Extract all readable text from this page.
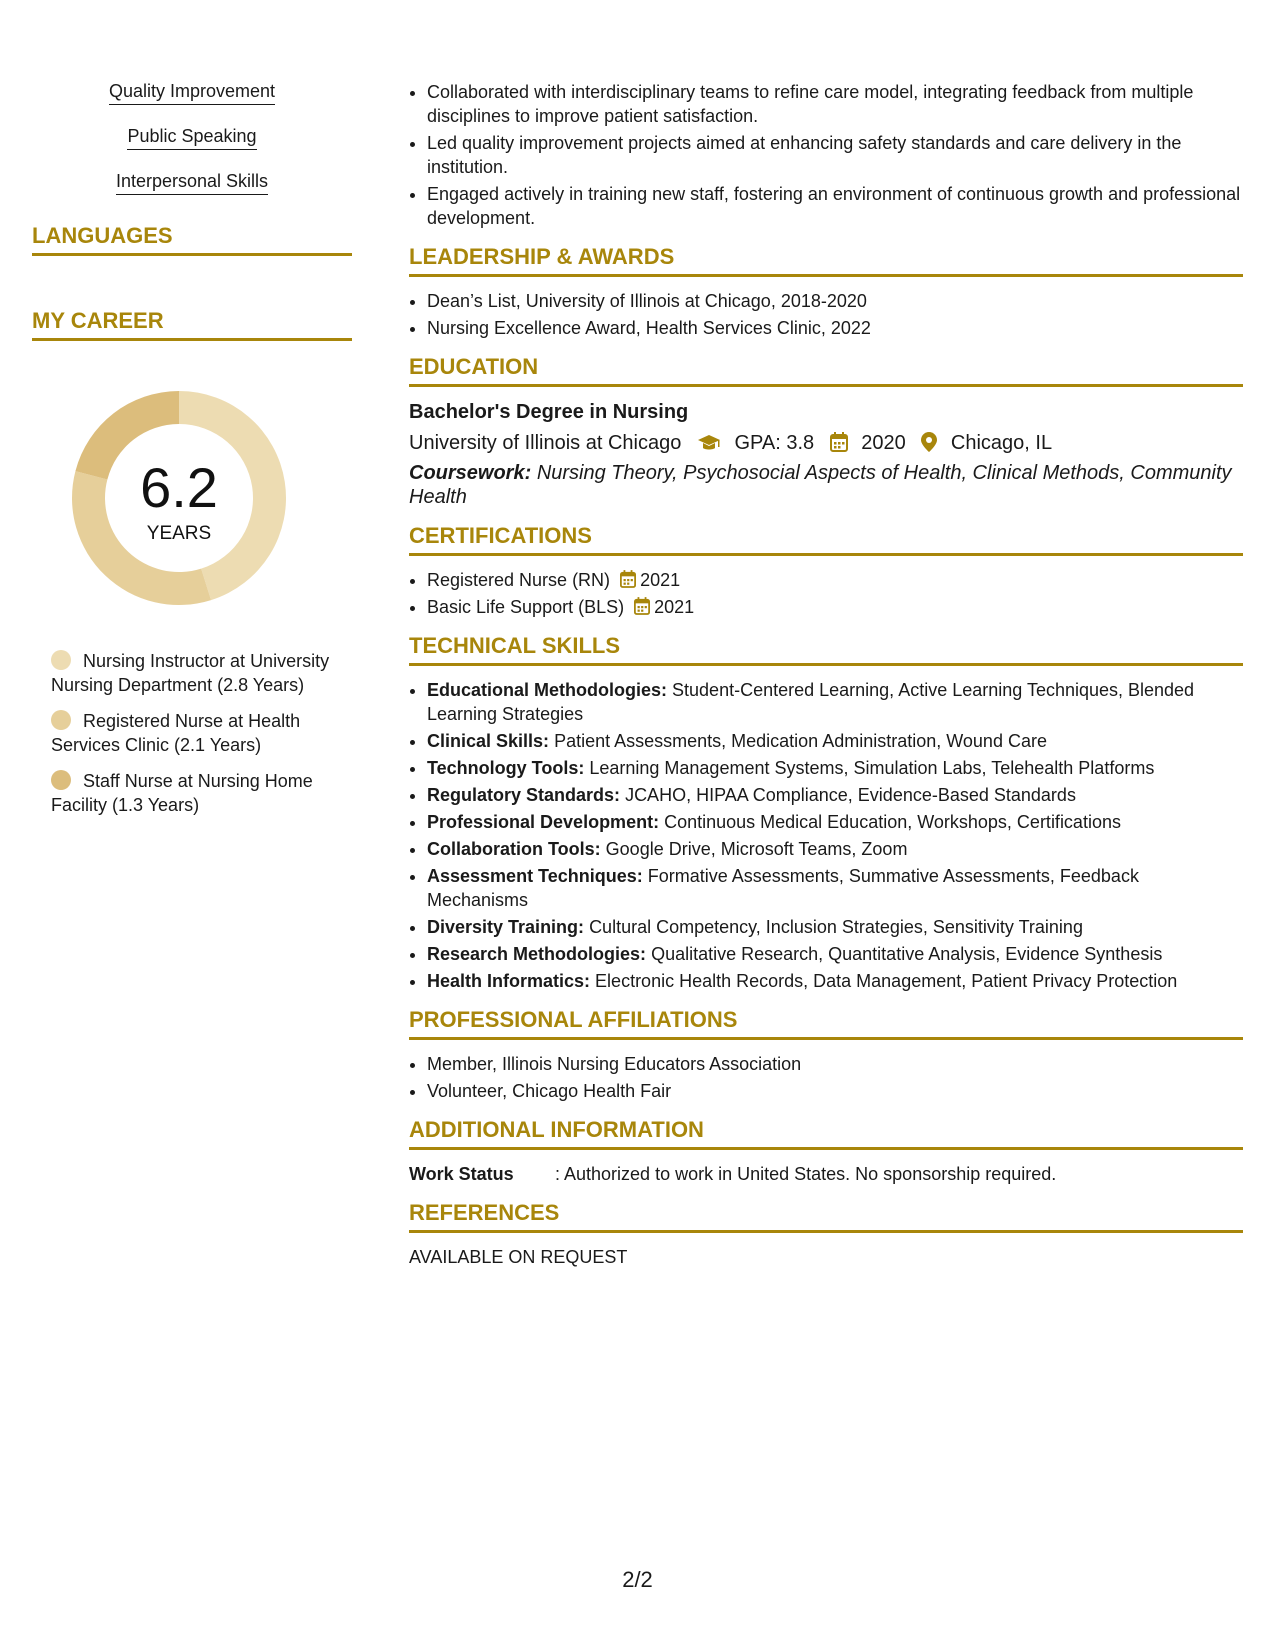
Quality Improvement
Public Speaking
Interpersonal Skills
LANGUAGES
MY CAREER
6.2
YEARS
Nursing Instructor at University Nursing Department (2.8 Years)
Registered Nurse at Health Services Clinic (2.1 Years)
Staff Nurse at Nursing Home Facility (1.3 Years)
• Collaborated with interdisciplinary teams to refine care model, integrating feedback from multiple disciplines to improve patient satisfaction.
• Led quality improvement projects aimed at enhancing safety standards and care delivery in the institution.
• Engaged actively in training new staff, fostering an environment of continuous growth and professional development.
LEADERSHIP & AWARDS
• Dean’s List, University of Illinois at Chicago, 2018-2020
• Nursing Excellence Award, Health Services Clinic, 2022
EDUCATION
Bachelor's Degree in Nursing
University of Illinois at Chicago	GPA: 3.8 2020 Chicago, IL
Coursework: Nursing Theory, Psychosocial Aspects of Health, Clinical Methods, Community Health
CERTIFICATIONS
• Registered Nurse (RN) 2021
• Basic Life Support (BLS) 2021
TECHNICAL SKILLS
• Educational Methodologies: Student-Centered Learning, Active Learning Techniques, Blended Learning Strategies
• Clinical Skills: Patient Assessments, Medication Administration, Wound Care
• Technology Tools: Learning Management Systems, Simulation Labs, Telehealth Platforms
• Regulatory Standards: JCAHO, HIPAA Compliance, Evidence-Based Standards
• Professional Development: Continuous Medical Education, Workshops, Certifications
• Collaboration Tools: Google Drive, Microsoft Teams, Zoom
• Assessment Techniques: Formative Assessments, Summative Assessments, Feedback Mechanisms
• Diversity Training: Cultural Competency, Inclusion Strategies, Sensitivity Training
• Research Methodologies: Qualitative Research, Quantitative Analysis, Evidence Synthesis
• Health Informatics: Electronic Health Records, Data Management, Patient Privacy Protection
PROFESSIONAL AFFILIATIONS
• Member, Illinois Nursing Educators Association
• Volunteer, Chicago Health Fair
ADDITIONAL INFORMATION
Work Status : Authorized to work in United States. No sponsorship required.
REFERENCES
AVAILABLE ON REQUEST
2/2
